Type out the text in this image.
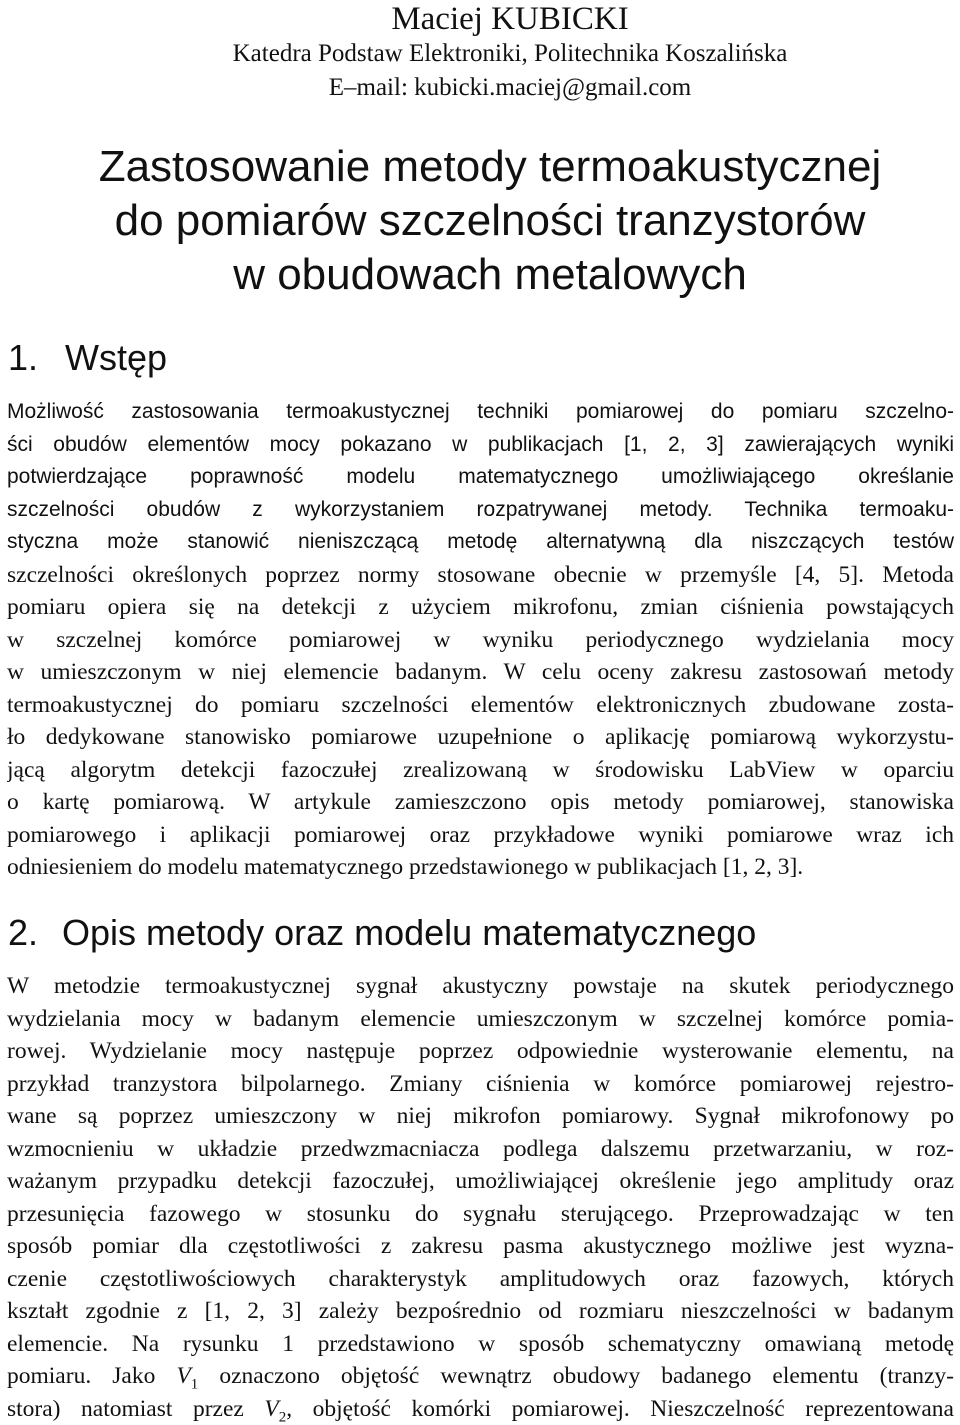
Maciej KUBICKI
Katedra Podstaw Elektroniki, Politechnika Koszalińska
E–mail: kubicki.maciej@gmail.com
Zastosowanie metody termoakustycznej
do pomiarów szczelności tranzystorów
w obudowach metalowych
1. Wstęp
Możliwość zastosowania termoakustycznej techniki pomiarowej do pomiaru szczelno-
ści obudów elementów mocy pokazano w publikacjach [1, 2, 3] zawierających wyniki
potwierdzające poprawność modelu matematycznego umożliwiającego określanie
szczelności obudów z wykorzystaniem rozpatrywanej metody. Technika termoaku-
styczna może stanowić nieniszczącą metodę alternatywną dla niszczących testów
szczelności określonych poprzez normy stosowane obecnie w przemyśle [4, 5]. Metoda
pomiaru opiera się na detekcji z użyciem mikrofonu, zmian ciśnienia powstających
w szczelnej komórce pomiarowej w wyniku periodycznego wydzielania mocy
w umieszczonym w niej elemencie badanym. W celu oceny zakresu zastosowań metody
termoakustycznej do pomiaru szczelności elementów elektronicznych zbudowane zosta-
ło dedykowane stanowisko pomiarowe uzupełnione o aplikację pomiarową wykorzystu-
jącą algorytm detekcji fazoczułej zrealizowaną w środowisku LabView w oparciu
o kartę pomiarową. W artykule zamieszczono opis metody pomiarowej, stanowiska
pomiarowego i aplikacji pomiarowej oraz przykładowe wyniki pomiarowe wraz ich
odniesieniem do modelu matematycznego przedstawionego w publikacjach [1, 2, 3].
2. Opis metody oraz modelu matematycznego
W metodzie termoakustycznej sygnał akustyczny powstaje na skutek periodycznego
wydzielania mocy w badanym elemencie umieszczonym w szczelnej komórce pomia-
rowej. Wydzielanie mocy następuje poprzez odpowiednie wysterowanie elementu, na
przykład tranzystora bilpolarnego. Zmiany ciśnienia w komórce pomiarowej rejestro-
wane są poprzez umieszczony w niej mikrofon pomiarowy. Sygnał mikrofonowy po
wzmocnieniu w układzie przedwzmacniacza podlega dalszemu przetwarzaniu, w roz-
ważanym przypadku detekcji fazoczułej, umożliwiającej określenie jego amplitudy oraz
przesunięcia fazowego w stosunku do sygnału sterującego. Przeprowadzając w ten
sposób pomiar dla częstotliwości z zakresu pasma akustycznego możliwe jest wyzna-
czenie częstotliwościowych charakterystyk amplitudowych oraz fazowych, których
kształt zgodnie z [1, 2, 3] zależy bezpośrednio od rozmiaru nieszczelności w badanym
elemencie. Na rysunku 1 przedstawiono w sposób schematyczny omawianą metodę
pomiaru. Jako $V_1$ oznaczono objętość wewnątrz obudowy badanego elementu (tranzy-
stora) natomiast przez $V_2$, objętość komórki pomiarowej. Nieszczelność reprezentowana
